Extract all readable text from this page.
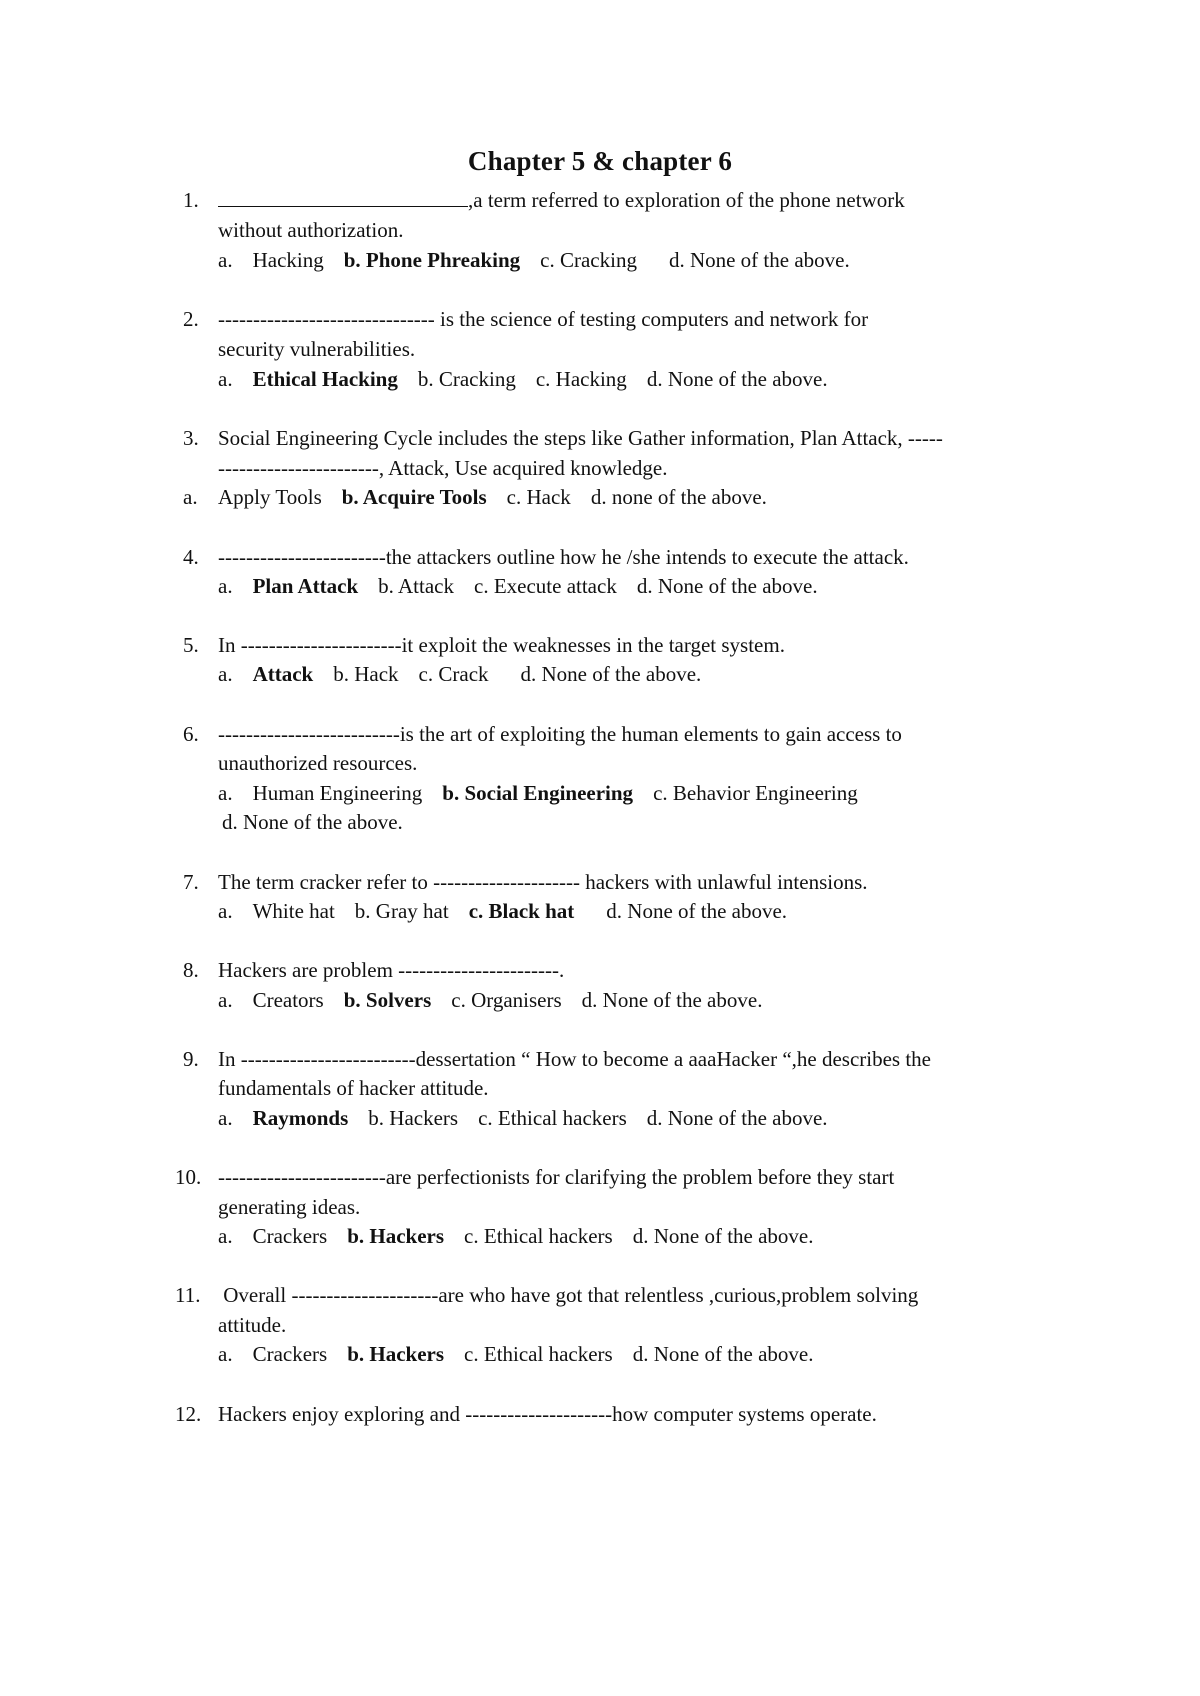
Chapter 5 & chapter 6
1.	,a term referred to exploration of the phone network
without authorization.
a. Hacking b. Phone Phreaking c. Cracking d. None of the above.
2. ------------------------------- is the science of testing computers and network for
security vulnerabilities.
a. Ethical Hacking b. Cracking c. Hacking d. None of the above.
3. Social Engineering Cycle includes the steps like Gather information, Plan Attack, -----
-----------------------, Attack, Use acquired knowledge.
a. Apply Tools b. Acquire Tools c. Hack d. none of the above.
4. ------------------------the attackers outline how he /she intends to execute the attack.
a. Plan Attack b. Attack c. Execute attack d. None of the above.
5. In -----------------------it exploit the weaknesses in the target system.
a. Attack b. Hack c. Crack d. None of the above.
6. --------------------------is the art of exploiting the human elements to gain access to
unauthorized resources.
a. Human Engineering b. Social Engineering c. Behavior Engineering
d. None of the above.
7. The term cracker refer to --------------------- hackers with unlawful intensions.
a. White hat b. Gray hat c. Black hat d. None of the above.
8. Hackers are problem -----------------------.
a. Creators b. Solvers c. Organisers d. None of the above.
9. In -------------------------dessertation “ How to become a aaaHacker “,he describes the
fundamentals of hacker attitude.
a. Raymonds b. Hackers c. Ethical hackers d. None of the above.
10. ------------------------are perfectionists for clarifying the problem before they start
generating ideas.
a. Crackers b. Hackers c. Ethical hackers d. None of the above.
11. Overall ---------------------are who have got that relentless ,curious,problem solving
attitude.
a. Crackers b. Hackers c. Ethical hackers d. None of the above.
12. Hackers enjoy exploring and ---------------------how computer systems operate.
